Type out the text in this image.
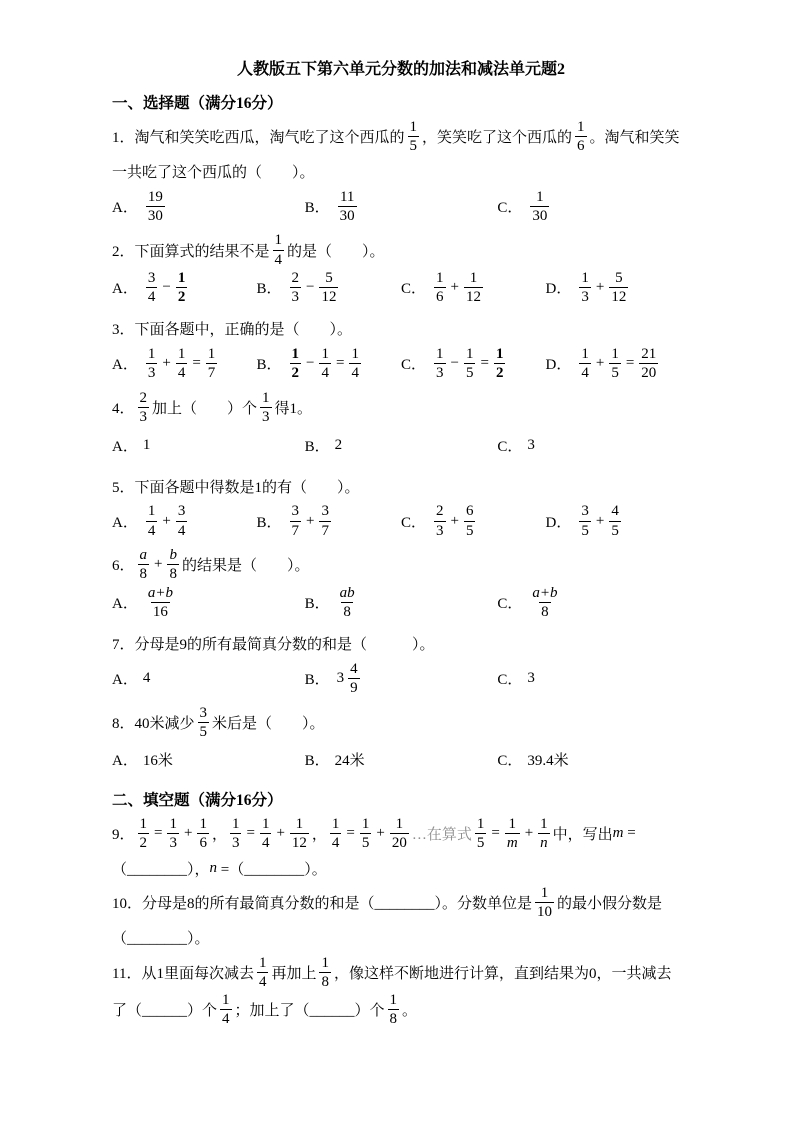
人教版五下第六单元分数的加法和减法单元题2
一、选择题（满分16分）
1．淘气和笑笑吃西瓜，淘气吃了这个西瓜的 $\frac{1}{5}$ ，笑笑吃了这个西瓜的 $\frac{1}{6}$ 。淘气和笑笑
一共吃了这个西瓜的（　　）。
A． $\frac{19}{30}$	B． $\frac{11}{30}$	C． $\frac{1}{30}$
2．下面算式的结果不是 $\frac{1}{4}$ 的是（　　）。
A． $\frac{3}{4} - \frac{1}{2}$	B． $\frac{2}{3} - \frac{5}{12}$	C． $\frac{1}{6} + \frac{1}{12}$	D． $\frac{1}{3} + \frac{5}{12}$
3．下面各题中，正确的是（　　）。
A． $\frac{1}{3} + \frac{1}{4} = \frac{1}{7}$	B． $\frac{1}{2} - \frac{1}{4} = \frac{1}{4}$	C． $\frac{1}{3} - \frac{1}{5} = \frac{1}{2}$	D． $\frac{1}{4} + \frac{1}{5} = \frac{21}{20}$
4． $\frac{2}{3}$ 加上（　　）个 $\frac{1}{3}$ 得1。
A． 1	B． 2	C． 3
5．下面各题中得数是1的有（　　）。
A． $\frac{1}{4} + \frac{3}{4}$	B． $\frac{3}{7} + \frac{3}{7}$	C． $\frac{2}{3} + \frac{6}{5}$	D． $\frac{3}{5} + \frac{4}{5}$
6． $\frac{a}{8} + \frac{b}{8}$ 的结果是（　　）。
A． $\frac{a+b}{16}$	B． $\frac{ab}{8}$	C． $\frac{a+b}{8}$
7．分母是9的所有最简真分数的和是（　　　）。
A． 4	B． $3 \frac{4}{9}$	C． 3
8．40米减少 $\frac{3}{5}$ 米后是（　　）。
A． 16米	B． 24米	C． 39.4米
二、填空题（满分16分）
9． $\frac{1}{2} = \frac{1}{3} + \frac{1}{6}$ ， $\frac{1}{3} = \frac{1}{4} + \frac{1}{12}$ ， $\frac{1}{4} = \frac{1}{5} + \frac{1}{20}$ …在算式 $\frac{1}{5} = \frac{1}{m} + \frac{1}{n}$ 中，写出 m =
（________）， n =（________）。
10．分母是8的所有最简真分数的和是（________）。分数单位是 $\frac{1}{10}$ 的最小假分数是
（________）。
11．从1里面每次减去 $\frac{1}{4}$ 再加上 $\frac{1}{8}$ ，像这样不断地进行计算，直到结果为0，一共减去
了（______）个 $\frac{1}{4}$ ；加上了（______）个 $\frac{1}{8}$ 。
